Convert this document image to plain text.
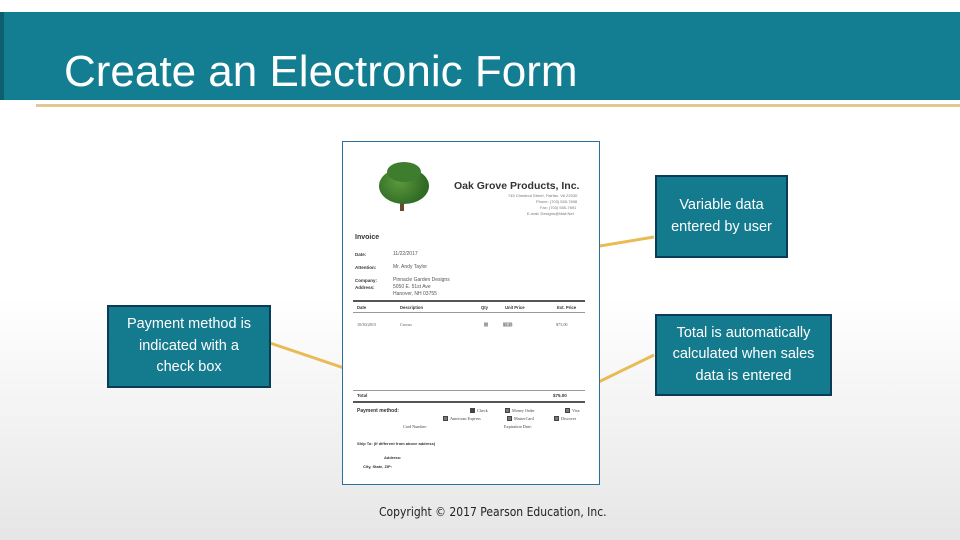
Create an Electronic Form
Oak Grove Products, Inc.
745 Chestnut Street, Fairfax, VA 22030
Phone: (703) 555-7898
Fax: (703) 555-7691
E-mail: Designs@Mail.Net
Invoice
Date:	11/22/2017
Attention:	Mr. Andy Taylor
Company:	Pinnacle Garden Designs
Address:	5050 E. 51st Ave
Hanover, NH 03755
Date	Description	Qty	Unit Price	Ext. Price
10/30/2015	Crocus	80	$3.28	$75.00
Total	$75.00
Payment method:	Check	Money Order	Visa
American Express	MasterCard	Discover
Card Number:	Expiration Date:
Ship To: (If different from above address)
Address:
City, State, ZIP:
Variable data
entered by user
Payment method is
indicated with a
check box
Total is automatically
calculated when sales
data is entered
Copyright © 2017 Pearson Education, Inc.
